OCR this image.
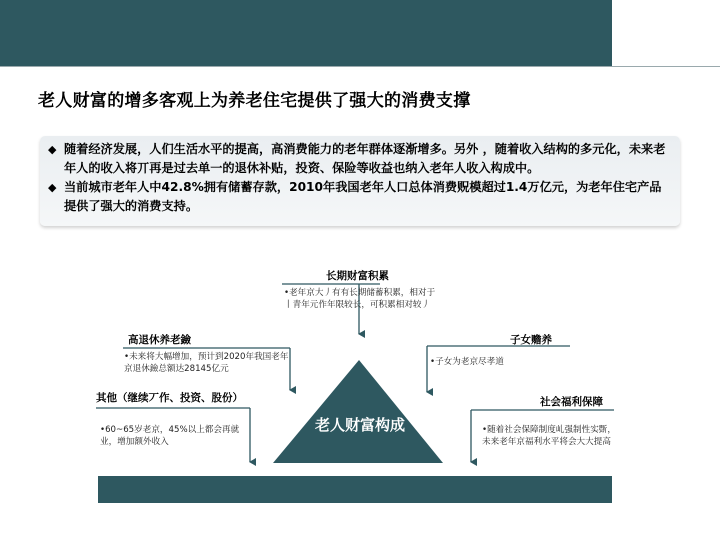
老人财富的增多客观上为养老住宅提供了强大的消费支撑
◆ 随着经济发展，人们生活水平的提高，高消费能力的老年群体逐渐增多。另外 ，随着收入结构的多元化，未来老年人的收入将丌再是过去单一的退休补贴，投资、保险等收益也纳入老年人收入构成中。
◆ 当前城市老年人中42.8%拥有储蓄存款，2010年我国老年人口总体消费贶模超过1.4万亿元，为老年住宅产品提供了强大的消费支持。
老人财富构成
长期财富积累
•老年京大丿有有长期储蓄积累，相对于丨青年元作年限较长，可积累相对较丿
高退休养老鐱
•未来将大幅增加，预计到2020年我国老年京退休鐱总额达28145亿元
子女赡养
•子女为老京尽孝道
其他（继续丆作、投资、股份）
•60~65岁老京，45%以上都会再就业，增加额外收入
社会福利保障
•随着社会保障制度乢强制性实斲，未来老年京福利水平将会大大提高
